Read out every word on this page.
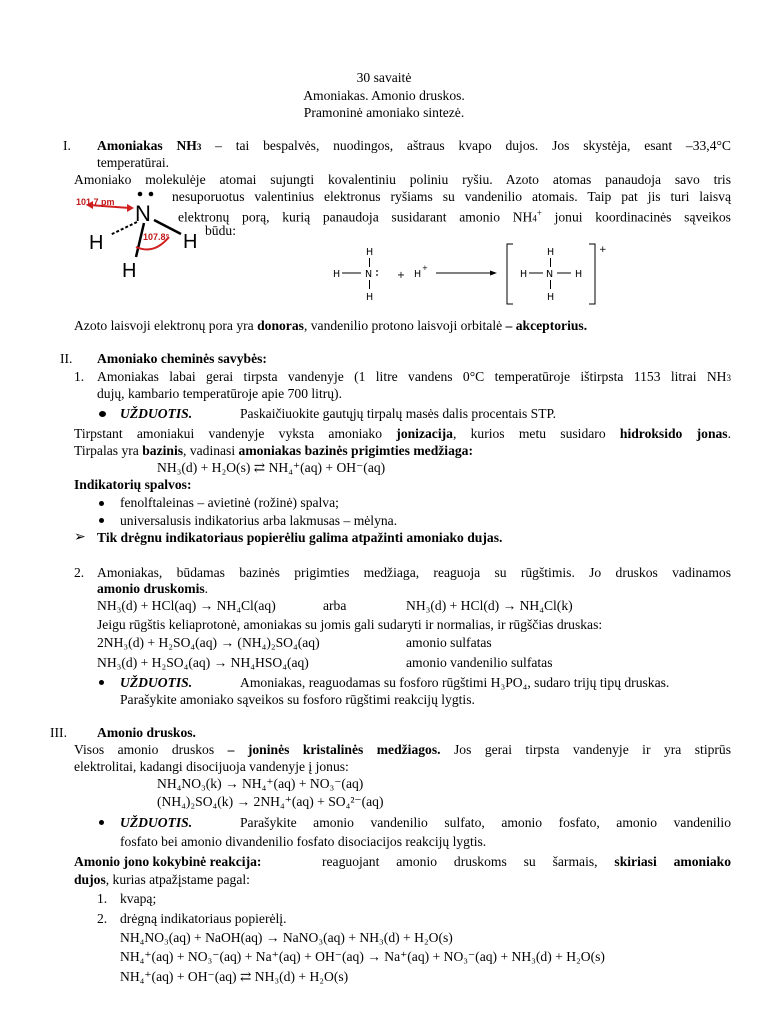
30 savaitė
Amoniakas. Amonio druskos.
Pramoninė amoniako sintezė.
I. Amoniakas NH3 – tai bespalvės, nuodingos, aštraus kvapo dujos. Jos skystėja, esant –33,4°C
temperatūrai.
Amoniako molekulėje atomai sujungti kovalentiniu poliniu ryšiu. Azoto atomas panaudoja savo tris
nesuporuotus valentinius elektronus ryšiams su vandenilio atomais. Taip pat jis turi laisvą
elektronų porą, kurią panaudoja susidarant amonio NH4+ jonui koordinacinės sąveikos
būdu:
101.7 pm
107.8°
N
H	H
H
H
H	N
H
+ H
+
+
H
H N H
H
Azoto laisvoji elektronų pora yra donoras, vandenilio protono laisvoji orbitalė – akceptorius.
II. Amoniako cheminės savybės:
1. Amoniakas labai gerai tirpsta vandenyje (1 litre vandens 0°C temperatūroje ištirpsta 1153 litrai NH3
dujų, kambario temperatūroje apie 700 litrų).
UŽDUOTIS.	Paskaičiuokite gautųjų tirpalų masės dalis procentais STP.
Tirpstant amoniakui vandenyje vyksta amoniako jonizacija, kurios metu susidaro hidroksido jonas.
Tirpalas yra bazinis, vadinasi amoniakas bazinės prigimties medžiaga:
NH₃(d) + H₂O(s) ⇄ NH₄⁺(aq) + OH⁻(aq)
Indikatorių spalvos:
fenolftaleinas – avietinė (rožinė) spalva;
universalusis indikatorius arba lakmusas – mėlyna.
➢ Tik drėgnu indikatoriaus popierėliu galima atpažinti amoniako dujas.
2. Amoniakas, būdamas bazinės prigimties medžiaga, reaguoja su rūgštimis. Jo druskos vadinamos
amonio druskomis.
NH₃(d) + HCl(aq) → NH₄Cl(aq)	arba	NH₃(d) + HCl(d) → NH₄Cl(k)
Jeigu rūgštis keliaprotonė, amoniakas su jomis gali sudaryti ir normalias, ir rūgščias druskas:
2NH₃(d) + H₂SO₄(aq) → (NH₄)₂SO₄(aq)	amonio sulfatas
NH₃(d) + H₂SO₄(aq) → NH₄HSO₄(aq)	amonio vandenilio sulfatas
UŽDUOTIS.	Amoniakas, reaguodamas su fosforo rūgštimi H₃PO₄, sudaro trijų tipų druskas.
Parašykite amoniako sąveikos su fosforo rūgštimi reakcijų lygtis.
III. Amonio druskos.
Visos amonio druskos – joninės kristalinės medžiagos. Jos gerai tirpsta vandenyje ir yra stiprūs
elektrolitai, kadangi disocijuoja vandenyje į jonus:
NH₄NO₃(k) → NH₄⁺(aq) + NO₃⁻(aq)
(NH₄)₂SO₄(k) → 2NH₄⁺(aq) + SO₄²⁻(aq)
UŽDUOTIS.	Parašykite amonio vandenilio sulfato, amonio fosfato, amonio vandenilio
fosfato bei amonio divandenilio fosfato disociacijos reakcijų lygtis.
Amonio jono kokybinė reakcija:	reaguojant amonio druskoms su šarmais, skiriasi amoniako
dujos, kurias atpažįstame pagal:
1. kvapą;
2. drėgną indikatoriaus popierėlį.
NH₄NO₃(aq) + NaOH(aq) → NaNO₃(aq) + NH₃(d) + H₂O(s)
NH₄⁺(aq) + NO₃⁻(aq) + Na⁺(aq) + OH⁻(aq) → Na⁺(aq) + NO₃⁻(aq) + NH₃(d) + H₂O(s)
NH₄⁺(aq) + OH⁻(aq) ⇄ NH₃(d) + H₂O(s)
